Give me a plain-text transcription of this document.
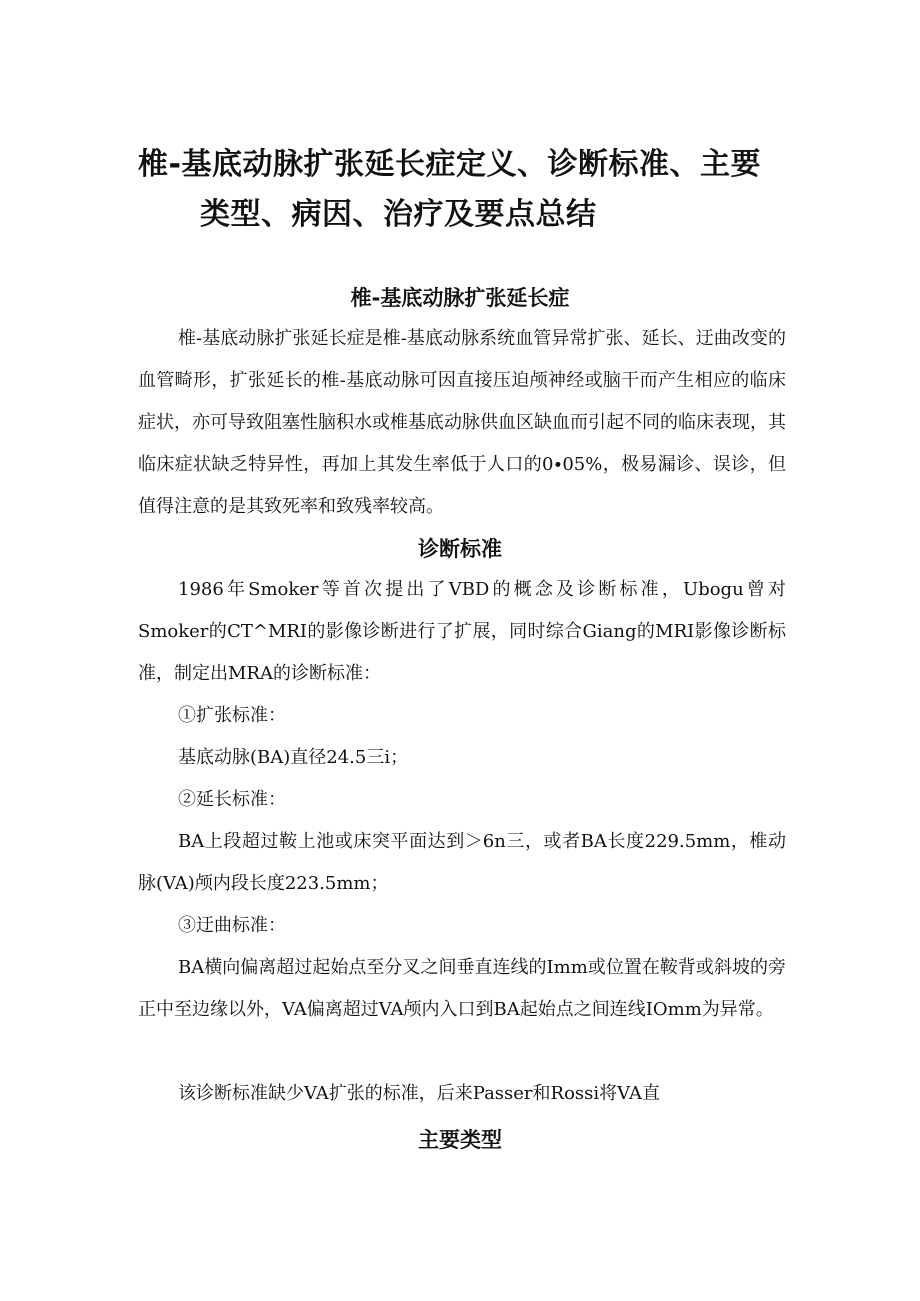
椎-基底动脉扩张延长症定义、诊断标准、主要
类型、病因、治疗及要点总结
椎-基底动脉扩张延长症

椎-基底动脉扩张延长症是椎-基底动脉系统血管异常扩张、延长、迂曲改变的血管畸形，扩张延长的椎-基底动脉可因直接压迫颅神经或脑干而产生相应的临床症状，亦可导致阻塞性脑积水或椎基底动脉供血区缺血而引起不同的临床表现，其临床症状缺乏特异性，再加上其发生率低于人口的0∙05%，极易漏诊、误诊，但值得注意的是其致死率和致残率较高。

诊断标准

1986年Smoker等首次提出了VBD的概念及诊断标准，Ubogu曾对Smoker的CT^MRI的影像诊断进行了扩展，同时综合Giang的MRI影像诊断标准，制定出MRA的诊断标准：

①扩张标准：

基底动脉(BA)直径24.5三i；

②延长标准：

BA上段超过鞍上池或床突平面达到＞6n三，或者BA长度229.5mm，椎动脉(VA)颅内段长度223.5mm；

③迂曲标准：

BA横向偏离超过起始点至分叉之间垂直连线的Imm或位置在鞍背或斜坡的旁正中至边缘以外，VA偏离超过VA颅内入口到BA起始点之间连线IOmm为异常。

该诊断标准缺少VA扩张的标准，后来Passer和Rossi将VA直

主要类型
